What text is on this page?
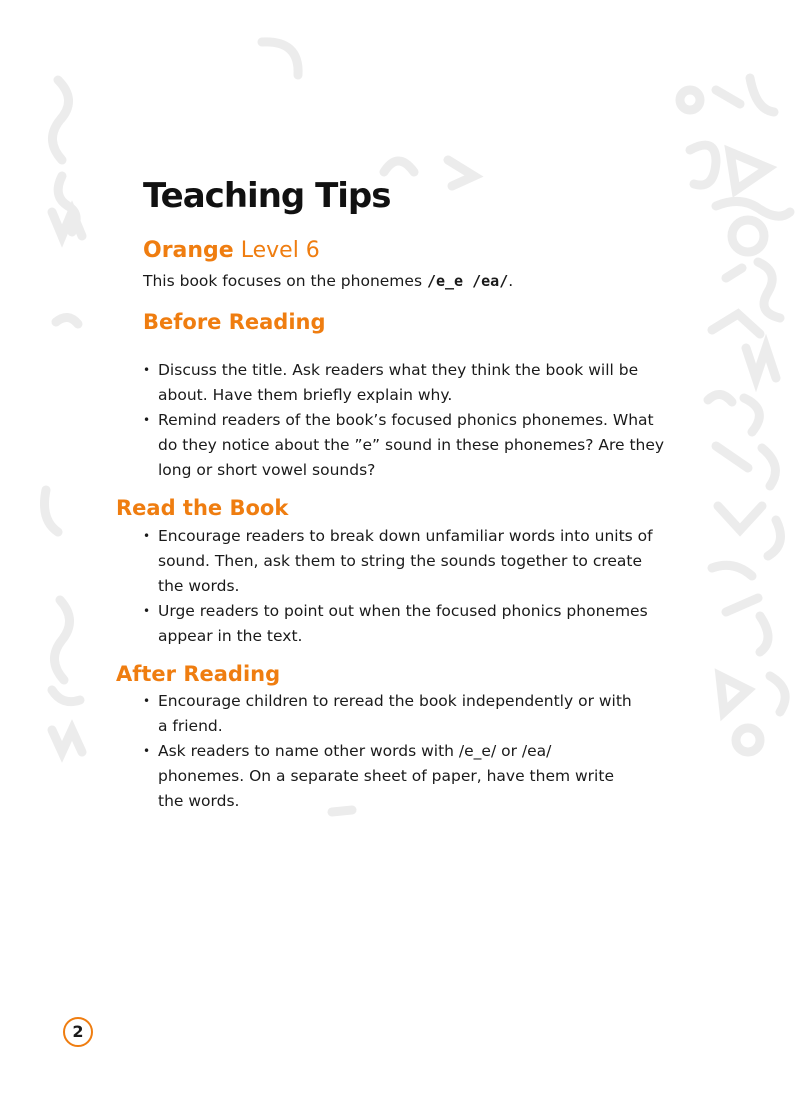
Teaching Tips
Orange Level 6
This book focuses on the phonemes /e_e /ea/.
Before Reading
• Discuss the title. Ask readers what they think the book will be about. Have them briefly explain why.
• Remind readers of the book’s focused phonics phonemes. What do they notice about the ”e” sound in these phonemes? Are they long or short vowel sounds?
Read the Book
• Encourage readers to break down unfamiliar words into units of sound. Then, ask them to string the sounds together to create the words.
• Urge readers to point out when the focused phonics phonemes appear in the text.
After Reading
• Encourage children to reread the book independently or with a friend.
• Ask readers to name other words with /e_e/ or /ea/ phonemes. On a separate sheet of paper, have them write the words.
2
